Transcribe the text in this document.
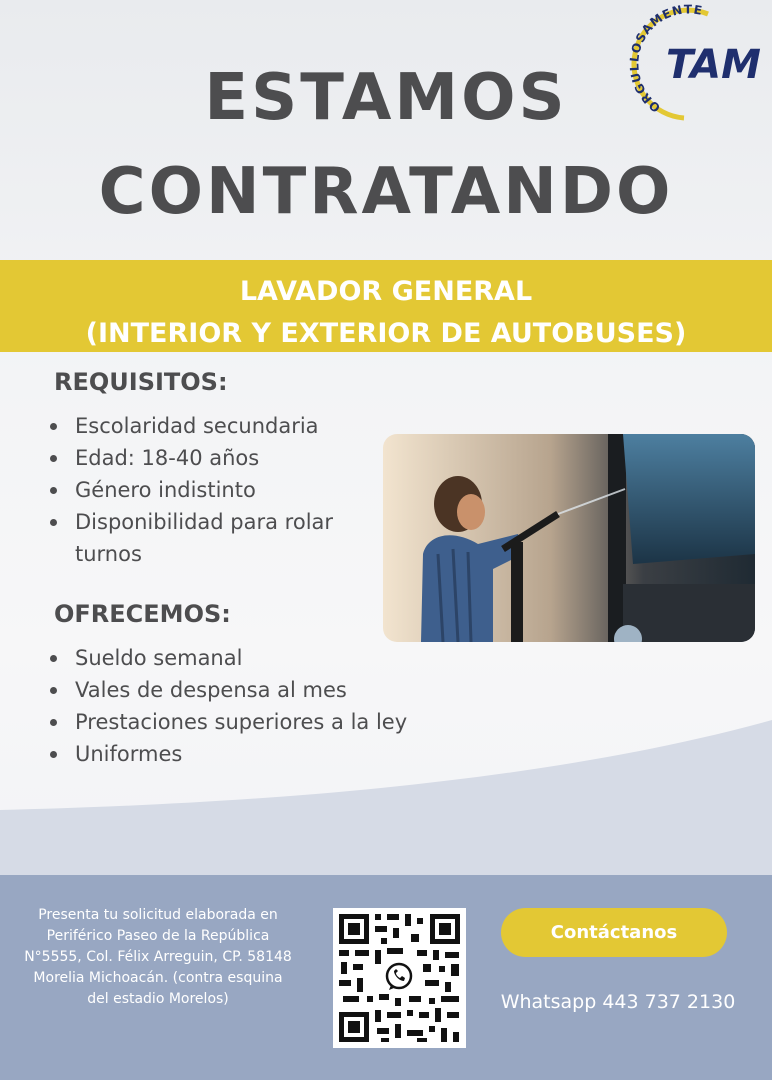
ESTAMOS
CONTRATANDO
ORGULLOSAMENTE
TAM
LAVADOR GENERAL
(INTERIOR Y EXTERIOR DE AUTOBUSES)
REQUISITOS:
Escolaridad secundaria
Edad: 18-40 años
Género indistinto
Disponibilidad para rolar turnos
OFRECEMOS:
Sueldo semanal
Vales de despensa al mes
Prestaciones superiores a la ley
Uniformes
Presenta tu solicitud elaborada en
Periférico Paseo de la República
N°5555, Col. Félix Arreguin, CP. 58148
Morelia Michoacán. (contra esquina
del estadio Morelos)
Contáctanos
Whatsapp 443 737 2130
